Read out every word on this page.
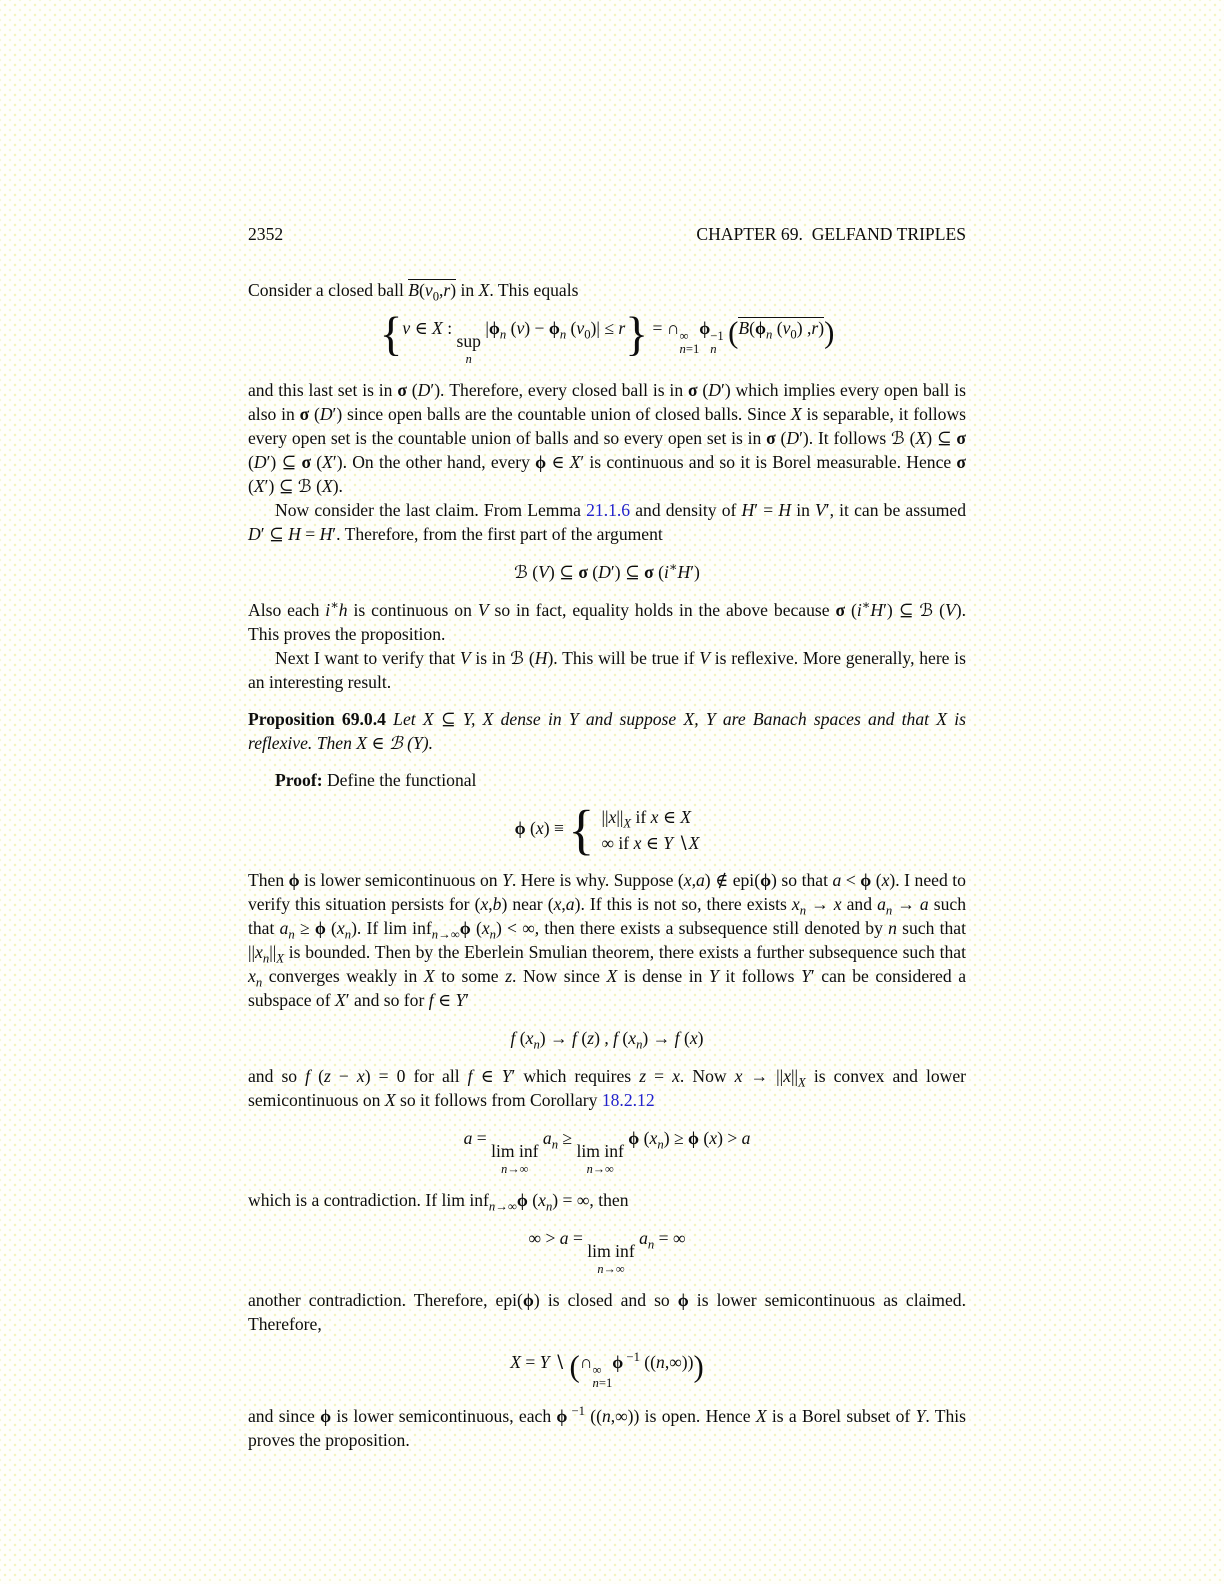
2352	CHAPTER 69.  GELFAND TRIPLES

Consider a closed ball $B(v_0,r)$ in X. This equals

{v ∈ X :
sup
n
$|\phi_n$ $(v) - \phi_n$ $(v_0)| \le r$} = ∩ ∞
n=1
ϕ −1
n ($B(\phi_n$ $(v_0)$ ,r))

and this last set is in σ (D′). Therefore, every closed ball is in σ (D′) which implies every open ball is also in σ (D′) since open balls are the countable union of closed balls. Since X is separable, it follows every open set is the countable union of balls and so every open set is in σ (D′). It follows ℬ (X) ⊆ σ (D′) ⊆ σ (X′). On the other hand, every ϕ ∈ X′ is continuous and so it is Borel measurable. Hence σ (X′) ⊆ ℬ (X).

Now consider the last claim. From Lemma 21.1.6 and density of H′ = H in V′, it can be assumed D′ ⊆ H = H′. Therefore, from the first part of the argument

ℬ (V) ⊆ σ (D′) ⊆ σ (i∗H′)

Also each i∗h is continuous on V so in fact, equality holds in the above because σ (i∗H′) ⊆ ℬ (V). This proves the proposition.

Next I want to verify that V is in ℬ (H). This will be true if V is reflexive. More generally, here is an interesting result.

Proposition 69.0.4 Let X ⊆ Y, X dense in Y and suppose X, Y are Banach spaces and that X is reflexive. Then X ∈ ℬ (Y).

Proof: Define the functional

ϕ (x) ≡ { $||x||_X$ if x ∈ X
∞ if x ∈ Y ∖X

Then ϕ is lower semicontinuous on Y. Here is why. Suppose (x,a) ∉ epi(ϕ) so that a < ϕ (x). I need to verify this situation persists for (x,b) near (x,a). If this is not so, there exists $x_n \to x$ and $a_n \to a$ such that $a_n \ge \phi$ $(x_n)$. If lim inf$_{n\to\infty}$ϕ $(x_n)$ < ∞, then there exists a subsequence still denoted by n such that $||x_n||_X$ is bounded. Then by the Eberlein Smulian theorem, there exists a further subsequence such that $x_n$ converges weakly in X to some z. Now since X is dense in Y it follows Y′ can be considered a subspace of X′ and so for f ∈ Y′

f $(x_n) \to f$ (z) , f $(x_n) \to f$ (x)

and so f (z − x) = 0 for all f ∈ Y′ which requires z = x. Now $x \to ||x||_X$ is convex and lower semicontinuous on X so it follows from Corollary 18.2.12

a =
lim inf
n→∞
$a_n$ ≥
lim inf
n→∞
ϕ $(x_n) \ge \phi$ (x) > a

which is a contradiction. If lim inf$_{n\to\infty}$ϕ $(x_n)$ = ∞, then

∞ > a =
lim inf
n→∞
$a_n$ = ∞

another contradiction. Therefore, epi(ϕ) is closed and so ϕ is lower semicontinuous as claimed. Therefore,

X = Y ∖ (∩ ∞
n=1
ϕ $^{-1}$ ((n,∞)))

and since ϕ is lower semicontinuous, each ϕ $^{-1}$ ((n,∞)) is open. Hence X is a Borel subset of Y. This proves the proposition.
